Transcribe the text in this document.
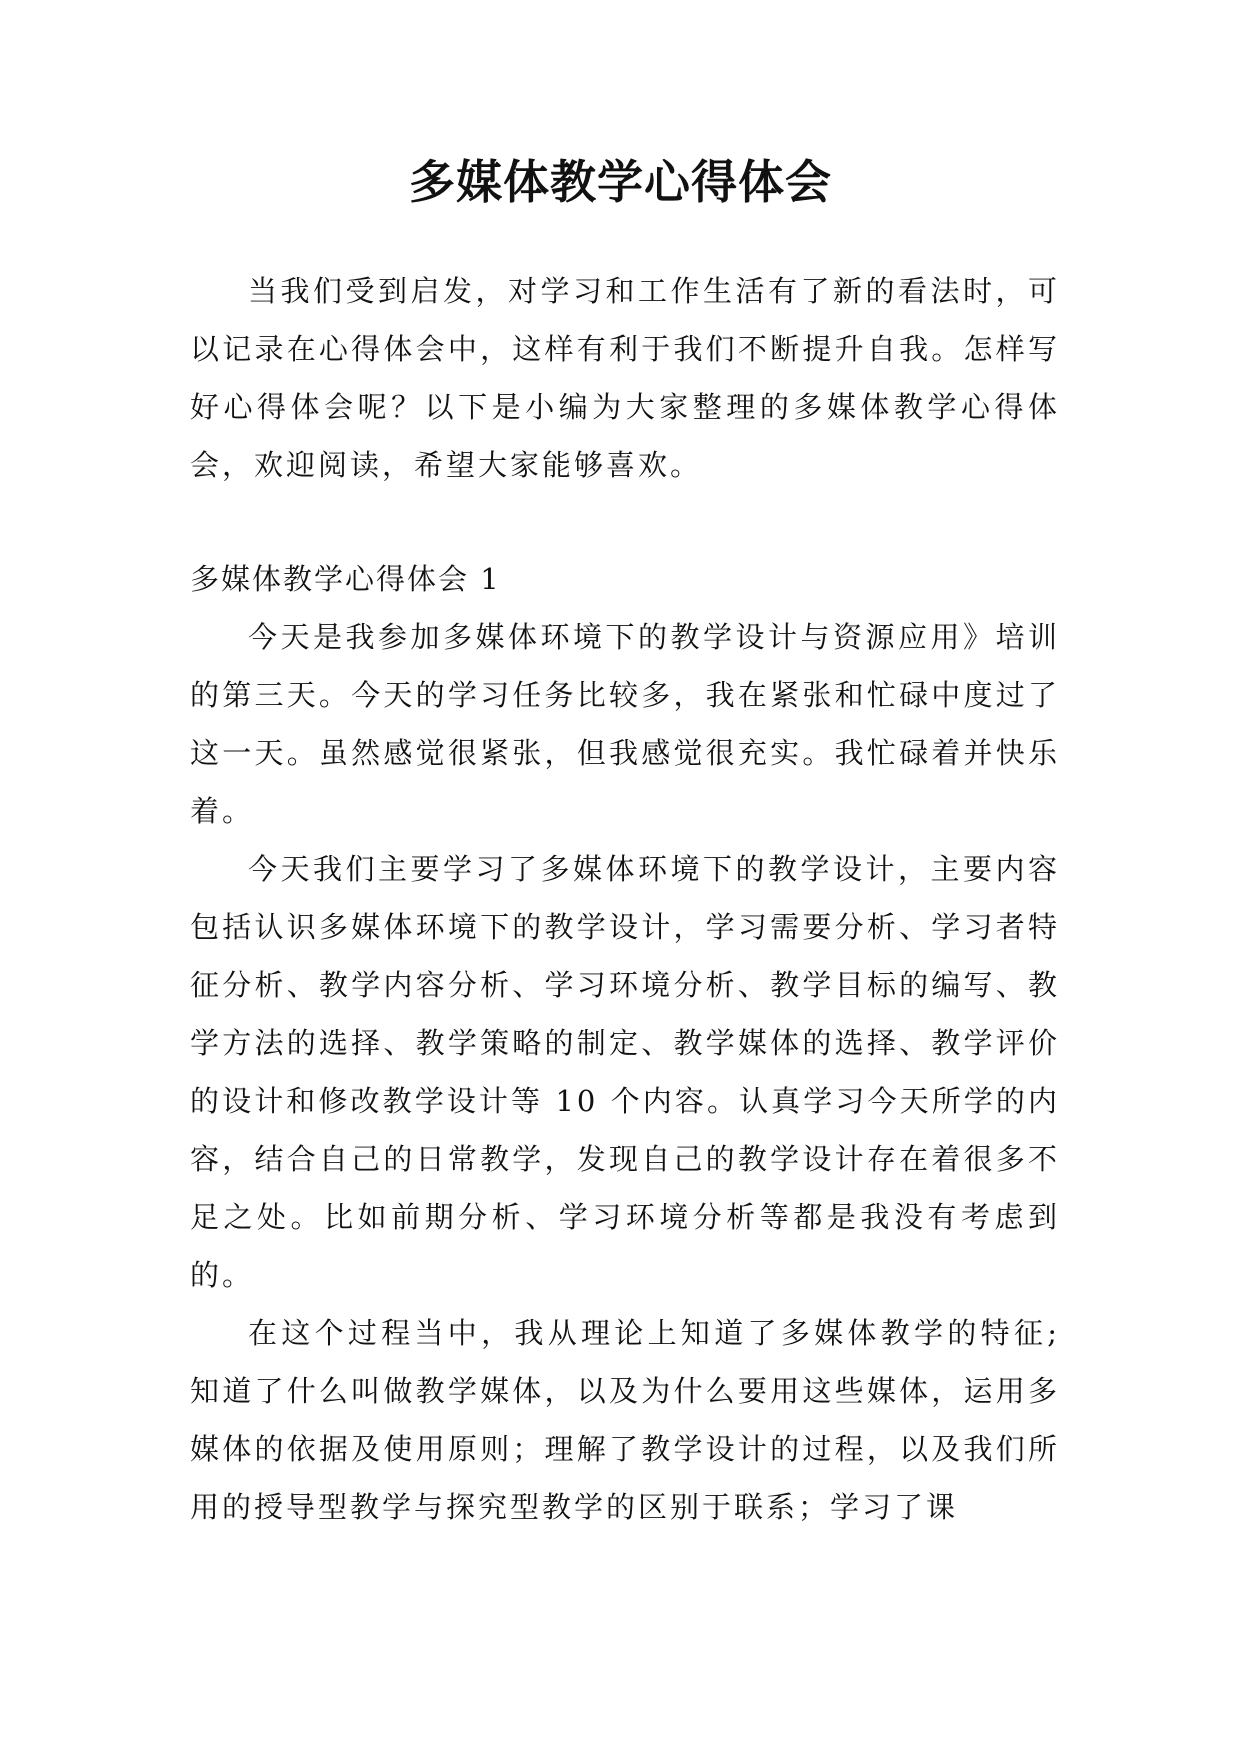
多媒体教学心得体会

当我们受到启发，对学习和工作生活有了新的看法时，可以记录在心得体会中，这样有利于我们不断提升自我。怎样写好心得体会呢？以下是小编为大家整理的多媒体教学心得体会，欢迎阅读，希望大家能够喜欢。

多媒体教学心得体会 1

今天是我参加多媒体环境下的教学设计与资源应用》培训的第三天。今天的学习任务比较多，我在紧张和忙碌中度过了这一天。虽然感觉很紧张，但我感觉很充实。我忙碌着并快乐着。

今天我们主要学习了多媒体环境下的教学设计，主要内容包括认识多媒体环境下的教学设计，学习需要分析、学习者特征分析、教学内容分析、学习环境分析、教学目标的编写、教学方法的选择、教学策略的制定、教学媒体的选择、教学评价的设计和修改教学设计等 10 个内容。认真学习今天所学的内容，结合自己的日常教学，发现自己的教学设计存在着很多不足之处。比如前期分析、学习环境分析等都是我没有考虑到的。

在这个过程当中，我从理论上知道了多媒体教学的特征;知道了什么叫做教学媒体，以及为什么要用这些媒体，运用多媒体的依据及使用原则；理解了教学设计的过程，以及我们所用的授导型教学与探究型教学的区别于联系；学习了课
